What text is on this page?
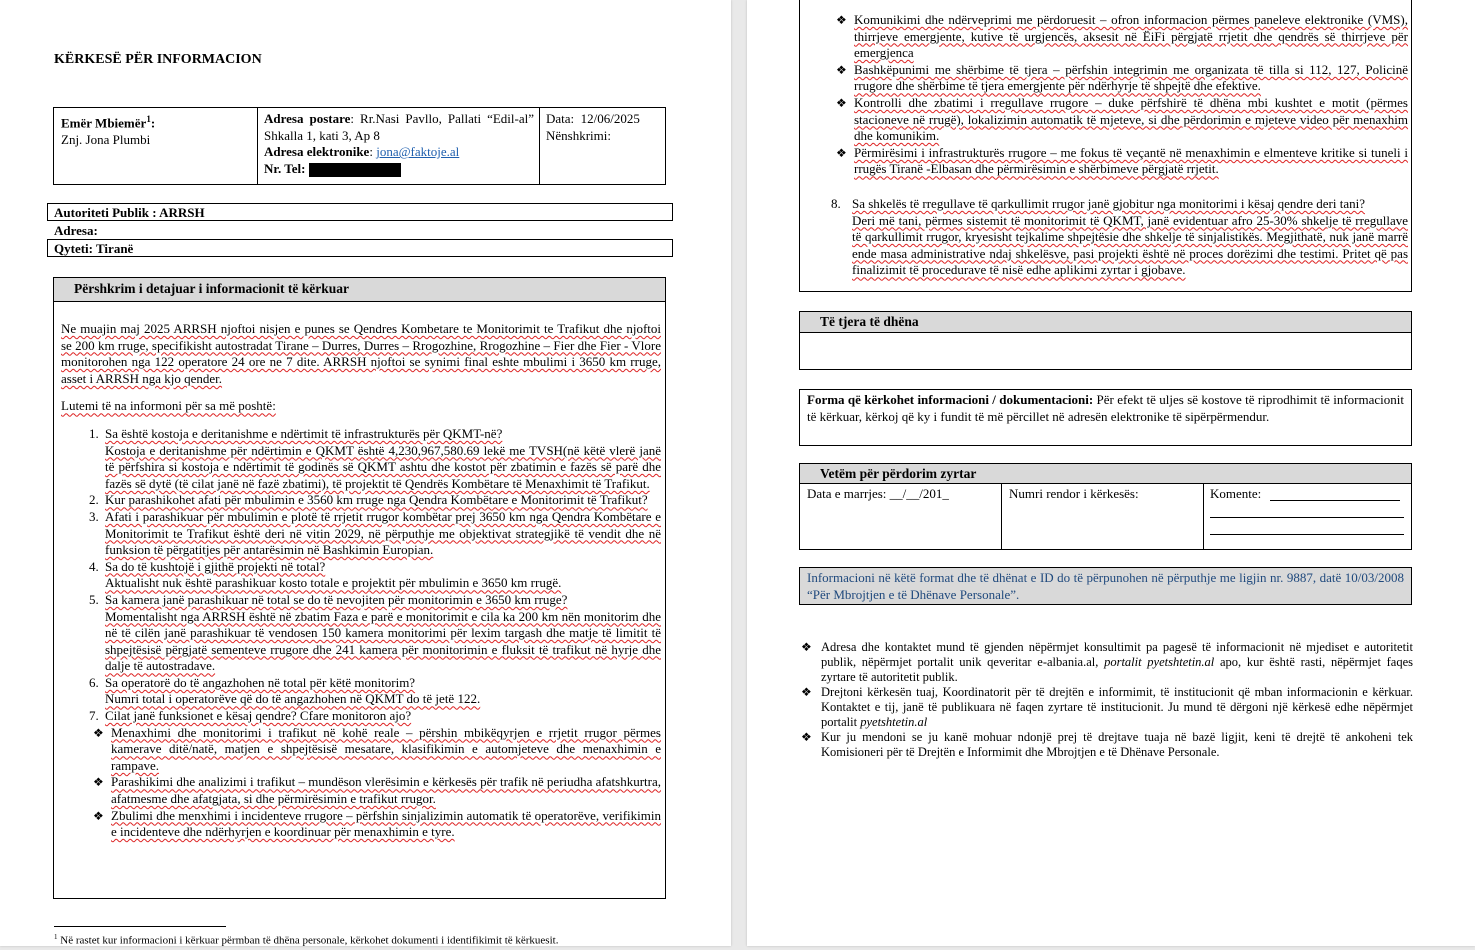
KËRKESË PËR INFORMACION
Emër Mbiemër$^1$:
Znj. Jona Plumbi
Adresa postare: Rr.Nasi Pavllo, Pallati “Edil-al” Shkalla 1, kati 3, Ap 8
Adresa elektronike: jona@faktoje.al
Nr. Tel:
Data: 12/06/2025
Nënshkrimi:
Autoriteti Publik : ARRSH
Adresa:
Qyteti: Tiranë
Përshkrim i detajuar i informacionit të kërkuar
Ne muajin maj 2025 ARRSH njoftoi nisjen e punes se Qendres Kombetare te Monitorimit te Trafikut dhe njoftoi se 200 km rruge, specifikisht autostradat Tirane – Durres, Durres – Rrogozhine, Rrogozhine – Fier dhe Fier - Vlore monitorohen nga 122 operatore 24 ore ne 7 dite. ARRSH njoftoi se synimi final eshte mbulimi i 3650 km rruge, asset i ARRSH nga kjo qender.
Lutemi të na informoni për sa më poshtë:
1. Sa është kostoja e deritanishme e ndërtimit të infrastrukturës për QKMT-në?
Kostoja e deritanishme për ndërtimin e QKMT është 4,230,967,580.69 lekë me TVSH(në këtë vlerë janë të përfshira si kostoja e ndërtimit të godinës së QKMT ashtu dhe kostot për zbatimin e fazës së parë dhe fazës së dytë (të cilat janë në fazë zbatimi), të projektit të Qendrës Kombëtare të Menaxhimit të Trafikut.
2. Kur parashikohet afati për mbulimin e 3560 km rruge nga Qendra Kombëtare e Monitorimit të Trafikut?
3. Afati i parashikuar për mbulimin e plotë të rrjetit rrugor kombëtar prej 3650 km nga Qendra Kombëtare e Monitorimit te Trafikut është deri në vitin 2029, në përputhje me objektivat strategjikë të vendit dhe në funksion të përgatitjes për antarësimin në Bashkimin Europian.
4. Sa do të kushtojë i gjithë projekti në total?
Aktualisht nuk është parashikuar kosto totale e projektit për mbulimin e 3650 km rrugë.
5. Sa kamera janë parashikuar në total se do të nevojiten për monitorimin e 3650 km rruge?
Momentalisht nga ARRSH është në zbatim Faza e parë e monitorimit e cila ka 200 km nën monitorim dhe në të cilën janë parashikuar të vendosen 150 kamera monitorimi për lexim targash dhe matje të limitit të shpejtësisë përgjatë sementeve rrugore dhe 241 kamera për monitorimin e fluksit të trafikut në hyrje dhe dalje të autostradave.
6. Sa operatorë do të angazhohen në total për këtë monitorim?
Numri total i operatorëve që do të angazhohen në QKMT do të jetë 122.
7. Cilat janë funksionet e kësaj qendre? Cfare monitoron ajo?
❖ Menaxhimi dhe monitorimi i trafikut në kohë reale – përshin mbikëqyrjen e rrjetit rrugor përmes kamerave ditë/natë, matjen e shpejtësisë mesatare, klasifikimin e automjeteve dhe menaxhimin e rampave.
❖ Parashikimi dhe analizimi i trafikut – mundëson vlerësimin e kërkesës për trafik në periudha afatshkurtra, afatmesme dhe afatgjata, si dhe përmirësimin e trafikut rrugor.
❖ Zbulimi dhe menxhimi i incidenteve rrugore – përfshin sinjalizimin automatik të operatorëve, verifikimin e incidenteve dhe ndërhyrjen e koordinuar për menaxhimin e tyre.
$^1$ Në rastet kur informacioni i kërkuar përmban të dhëna personale, kërkohet dokumenti i identifikimit të kërkuesit.
❖ Komunikimi dhe ndërveprimi me përdoruesit – ofron informacion përmes paneleve elektronike (VMS), thirrjeve emergjente, kutive të urgjencës, aksesit në ËiFi përgjatë rrjetit dhe qendrës së thirrjeve për emergjenca
❖ Bashkëpunimi me shërbime të tjera – përfshin integrimin me organizata të tilla si 112, 127, Policinë rrugore dhe shërbime të tjera emergjente për ndërhyrje të shpejtë dhe efektive.
❖ Kontrolli dhe zbatimi i rregullave rrugore – duke përfshirë të dhëna mbi kushtet e motit (përmes stacioneve në rrugë), lokalizimin automatik të mjeteve, si dhe përdorimin e mjeteve video për menaxhim dhe komunikim.
❖ Përmirësimi i infrastrukturës rrugore – me fokus të veçantë në menaxhimin e elmenteve kritike si tuneli i rrugës Tiranë -Elbasan dhe përmirësimin e shërbimeve përgjatë rrjetit.
8. Sa shkelës të rregullave të qarkullimit rrugor janë gjobitur nga monitorimi i kësaj qendre deri tani?
Deri më tani, përmes sistemit të monitorimit të QKMT, janë evidentuar afro 25-30% shkelje të rregullave të qarkullimit rrugor, kryesisht tejkalime shpejtësie dhe shkelje të sinjalistikës. Megjithatë, nuk janë marrë ende masa administrative ndaj shkelësve, pasi projekti është në proces dorëzimi dhe testimi. Pritet që pas finalizimit të procedurave të nisë edhe aplikimi zyrtar i gjobave.
Të tjera të dhëna
Forma që kërkohet informacioni / dokumentacioni: Për efekt të uljes së kostove të riprodhimit të informacionit të kërkuar, kërkoj që ky i fundit të më përcillet në adresën elektronike të sipërpërmendur.
Vetëm për përdorim zyrtar
Data e marrjes: __/__/201_	Numri rendor i kërkesës:	Komente:
Informacioni në këtë format dhe të dhënat e ID do të përpunohen në përputhje me ligjin nr. 9887, datë 10/03/2008 “Për Mbrojtjen e të Dhënave Personale”.
❖ Adresa dhe kontaktet mund të gjenden nëpërmjet konsultimit pa pagesë të informacionit në mjediset e autoritetit publik, nëpërmjet portalit unik qeveritar e-albania.al, portalit pyetshtetin.al apo, kur është rasti, nëpërmjet faqes zyrtare të autoritetit publik.
❖ Drejtoni kërkesën tuaj, Koordinatorit për të drejtën e informimit, të institucionit që mban informacionin e kërkuar. Kontaktet e tij, janë të publikuara në faqen zyrtare të institucionit. Ju mund të dërgoni një kërkesë edhe nëpërmjet portalit pyetshtetin.al
❖ Kur ju mendoni se ju kanë mohuar ndonjë prej të drejtave tuaja në bazë ligjit, keni të drejtë të ankoheni tek Komisioneri për të Drejtën e Informimit dhe Mbrojtjen e të Dhënave Personale.
